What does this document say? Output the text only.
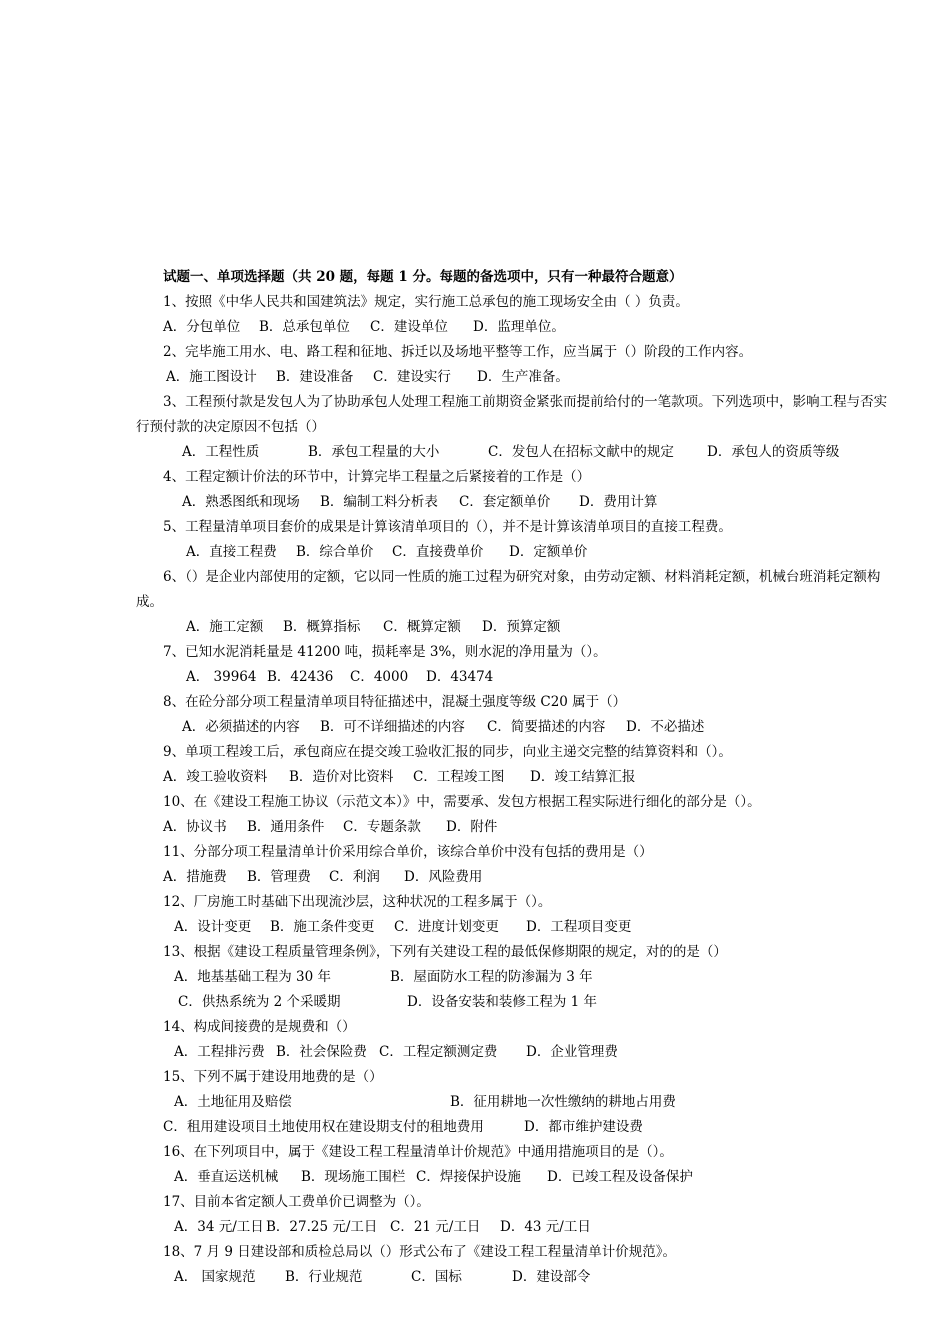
试题一、单项选择题（共 20 题，每题 1 分。每题的备选项中，只有一种最符合题意）
1、按照《中华人民共和国建筑法》规定，实行施工总承包的施工现场安全由（ ）负责。
A．分包单位 B．总承包单位 C．建设单位 D．监理单位。
2、完毕施工用水、电、路工程和征地、拆迁以及场地平整等工作，应当属于（）阶段的工作内容。
A．施工图设计 B．建设准备 C．建设实行 D．生产准备。
3、工程预付款是发包人为了协助承包人处理工程施工前期资金紧张而提前给付的一笔款项。下列选项中，影响工程与否实行预付款的决定原因不包括（）
A．工程性质	B．承包工程量的大小	C．发包人在招标文献中的规定 D．承包人的资质等级
4、工程定额计价法的环节中，计算完毕工程量之后紧接着的工作是（）
A．熟悉图纸和现场 B．编制工料分析表 C．套定额单价 D．费用计算
5、工程量清单项目套价的成果是计算该清单项目的（），并不是计算该清单项目的直接工程费。
A．直接工程费 B．综合单价 C．直接费单价 D．定额单价
6、（）是企业内部使用的定额，它以同一性质的施工过程为研究对象，由劳动定额、材料消耗定额，机械台班消耗定额构成。
A．施工定额 B．概算指标 C．概算定额 D．预算定额
7、已知水泥消耗量是 41200 吨，损耗率是 3%，则水泥的净用量为（）。
A． 39964 B．42436 C．4000 D．43474
8、在砼分部分项工程量清单项目特征描述中，混凝土强度等级 C20 属于（）
A．必须描述的内容 B．可不详细描述的内容 C．简要描述的内容 D．不必描述
9、单项工程竣工后，承包商应在提交竣工验收汇报的同步，向业主递交完整的结算资料和（）。
A．竣工验收资料 B．造价对比资料 C．工程竣工图 D．竣工结算汇报
10、在《建设工程施工协议（示范文本）》中，需要承、发包方根据工程实际进行细化的部分是（）。
A．协议书 B．通用条件 C．专题条款 D．附件
11、分部分项工程量清单计价采用综合单价，该综合单价中没有包括的费用是（）
A．措施费 B．管理费 C．利润 D．风险费用
12、厂房施工时基础下出现流沙层，这种状况的工程多属于（）。
A．设计变更 B．施工条件变更 C．进度计划变更 D．工程项目变更
13、根据《建设工程质量管理条例》，下列有关建设工程的最低保修期限的规定，对的的是（）
A．地基基础工程为 30 年	B．屋面防水工程的防渗漏为 3 年
C．供热系统为 2 个采暖期	D．设备安装和装修工程为 1 年
14、构成间接费的是规费和（）
A．工程排污费 B．社会保险费 C．工程定额测定费 D．企业管理费
15、下列不属于建设用地费的是（）
A．土地征用及赔偿	B．征用耕地一次性缴纳的耕地占用费
C．租用建设项目土地使用权在建设期支付的租地费用	D．都市维护建设费
16、在下列项目中，属于《建设工程工程量清单计价规范》中通用措施项目的是（）。
A．垂直运送机械 B．现场施工围栏 C．焊接保护设施 D．已竣工程及设备保护
17、目前本省定额人工费单价已调整为（）。
A．34 元/工日 B．27.25 元/工日 C．21 元/工日 D．43 元/工日
18、7 月 9 日建设部和质检总局以（）形式公布了《建设工程工程量清单计价规范》。
A． 国家规范 B．行业规范	C．国标	D．建设部令
